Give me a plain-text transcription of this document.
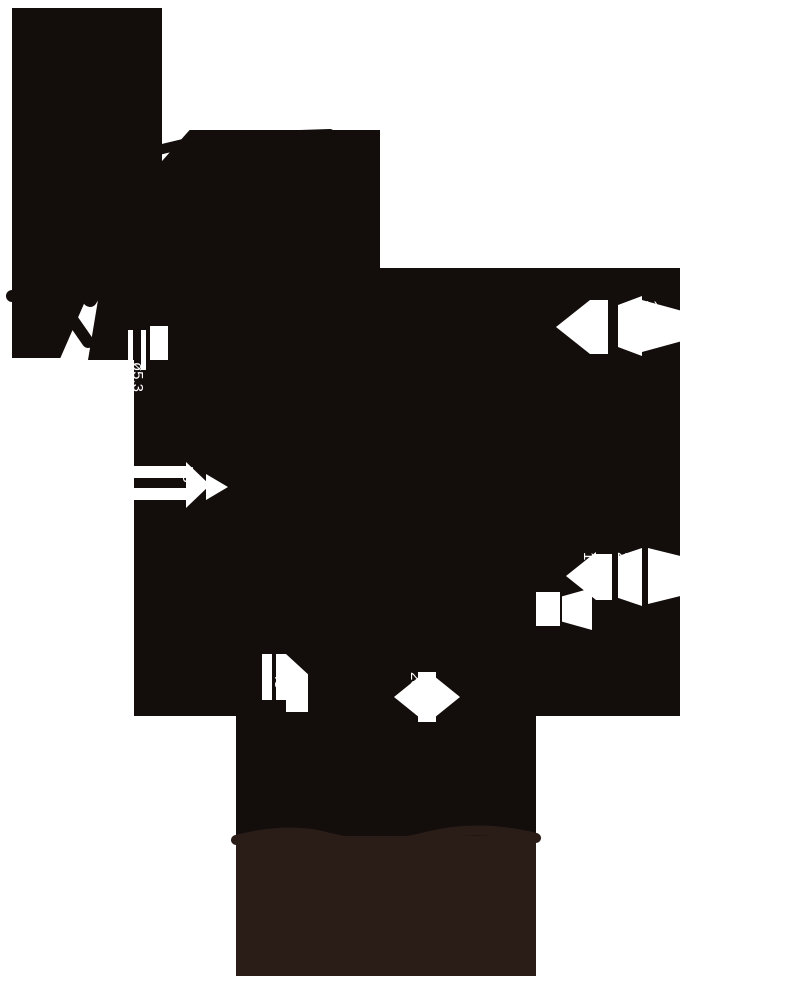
ø5.3
55
19 16.4
15 29 17
43	28
